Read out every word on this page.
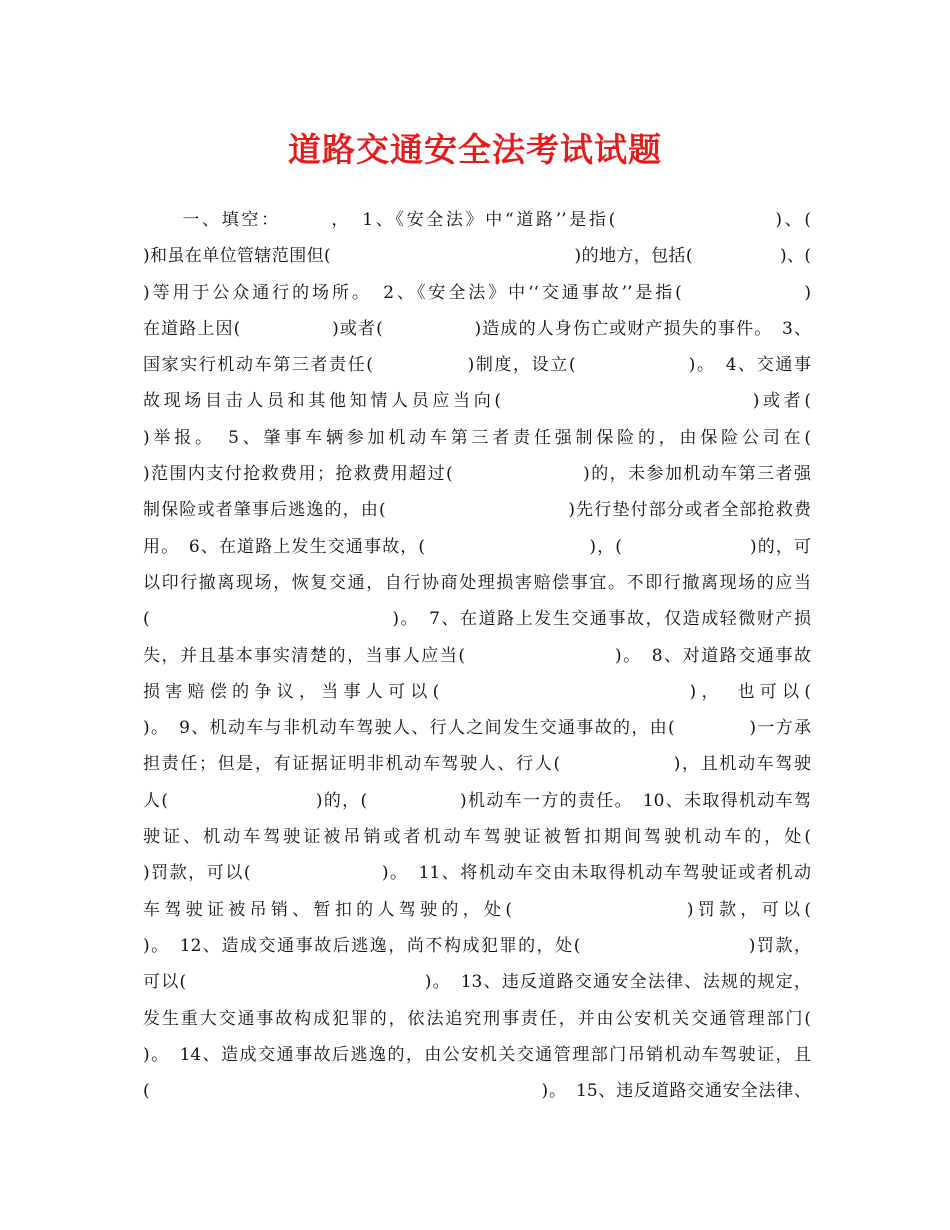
道路交通安全法考试试题
　　一、填空：　　　，　1、《安全法》中“道路’’是指(　　　　　　　　)、(
)和虽在单位管辖范围但(　　　　　　　　　　　　　　)的地方，包括(　　　　　)、(
)等用于公众通行的场所。　2、《安全法》中‘‘交通事故’’是指(　　　　　　)
在道路上因(　　　　　)或者(　　　　　)造成的人身伤亡或财产损失的事件。　3、
国家实行机动车第三者责任(　　　　　)制度，设立(　　　　　　)。　4、交通事
故现场目击人员和其他知情人员应当向(　　　　　　　　　　　　)或者(
)举报。　5、肇事车辆参加机动车第三者责任强制保险的，由保险公司在(
)范围内支付抢救费用；抢救费用超过(　　　　　　　)的，未参加机动车第三者强
制保险或者肇事后逃逸的，由(　　　　　　　　　　)先行垫付部分或者全部抢救费
用。　6、在道路上发生交通事故，(　　　　　　　　　)，(　　　　　　　)的，可
以印行撤离现场，恢复交通，自行协商处理损害赔偿事宜。不即行撤离现场的应当
(　　　　　　　　　　　　　)。　7、在道路上发生交通事故，仅造成轻微财产损
失，并且基本事实清楚的，当事人应当(　　　　　　　　)。　8、对道路交通事故
损害赔偿的争议，当事人可以(　　　　　　　　　　　)，　也可以(
)。　9、机动车与非机动车驾驶人、行人之间发生交通事故的，由(　　　　)一方承
担责任；但是，有证据证明非机动车驾驶人、行人(　　　　　　)，且机动车驾驶
人(　　　　　　　　)的，(　　　　　)机动车一方的责任。　10、未取得机动车驾
驶证、机动车驾驶证被吊销或者机动车驾驶证被暂扣期间驾驶机动车的，处(
)罚款，可以(　　　　　　　)。　11、将机动车交由未取得机动车驾驶证或者机动
车驾驶证被吊销、暂扣的人驾驶的，处(　　　　　　　　)罚款，可以(
)。　12、造成交通事故后逃逸，尚不构成犯罪的，处(　　　　　　　　　)罚款，
可以(　　　　　　　　　　　　　)。　13、违反道路交通安全法律、法规的规定，
发生重大交通事故构成犯罪的，依法追究刑事责任，并由公安机关交通管理部门(
)。　14、造成交通事故后逃逸的，由公安机关交通管理部门吊销机动车驾驶证，且
(　　　　　　　　　　　　　　　　　　　　　　)。　15、违反道路交通安全法律、
